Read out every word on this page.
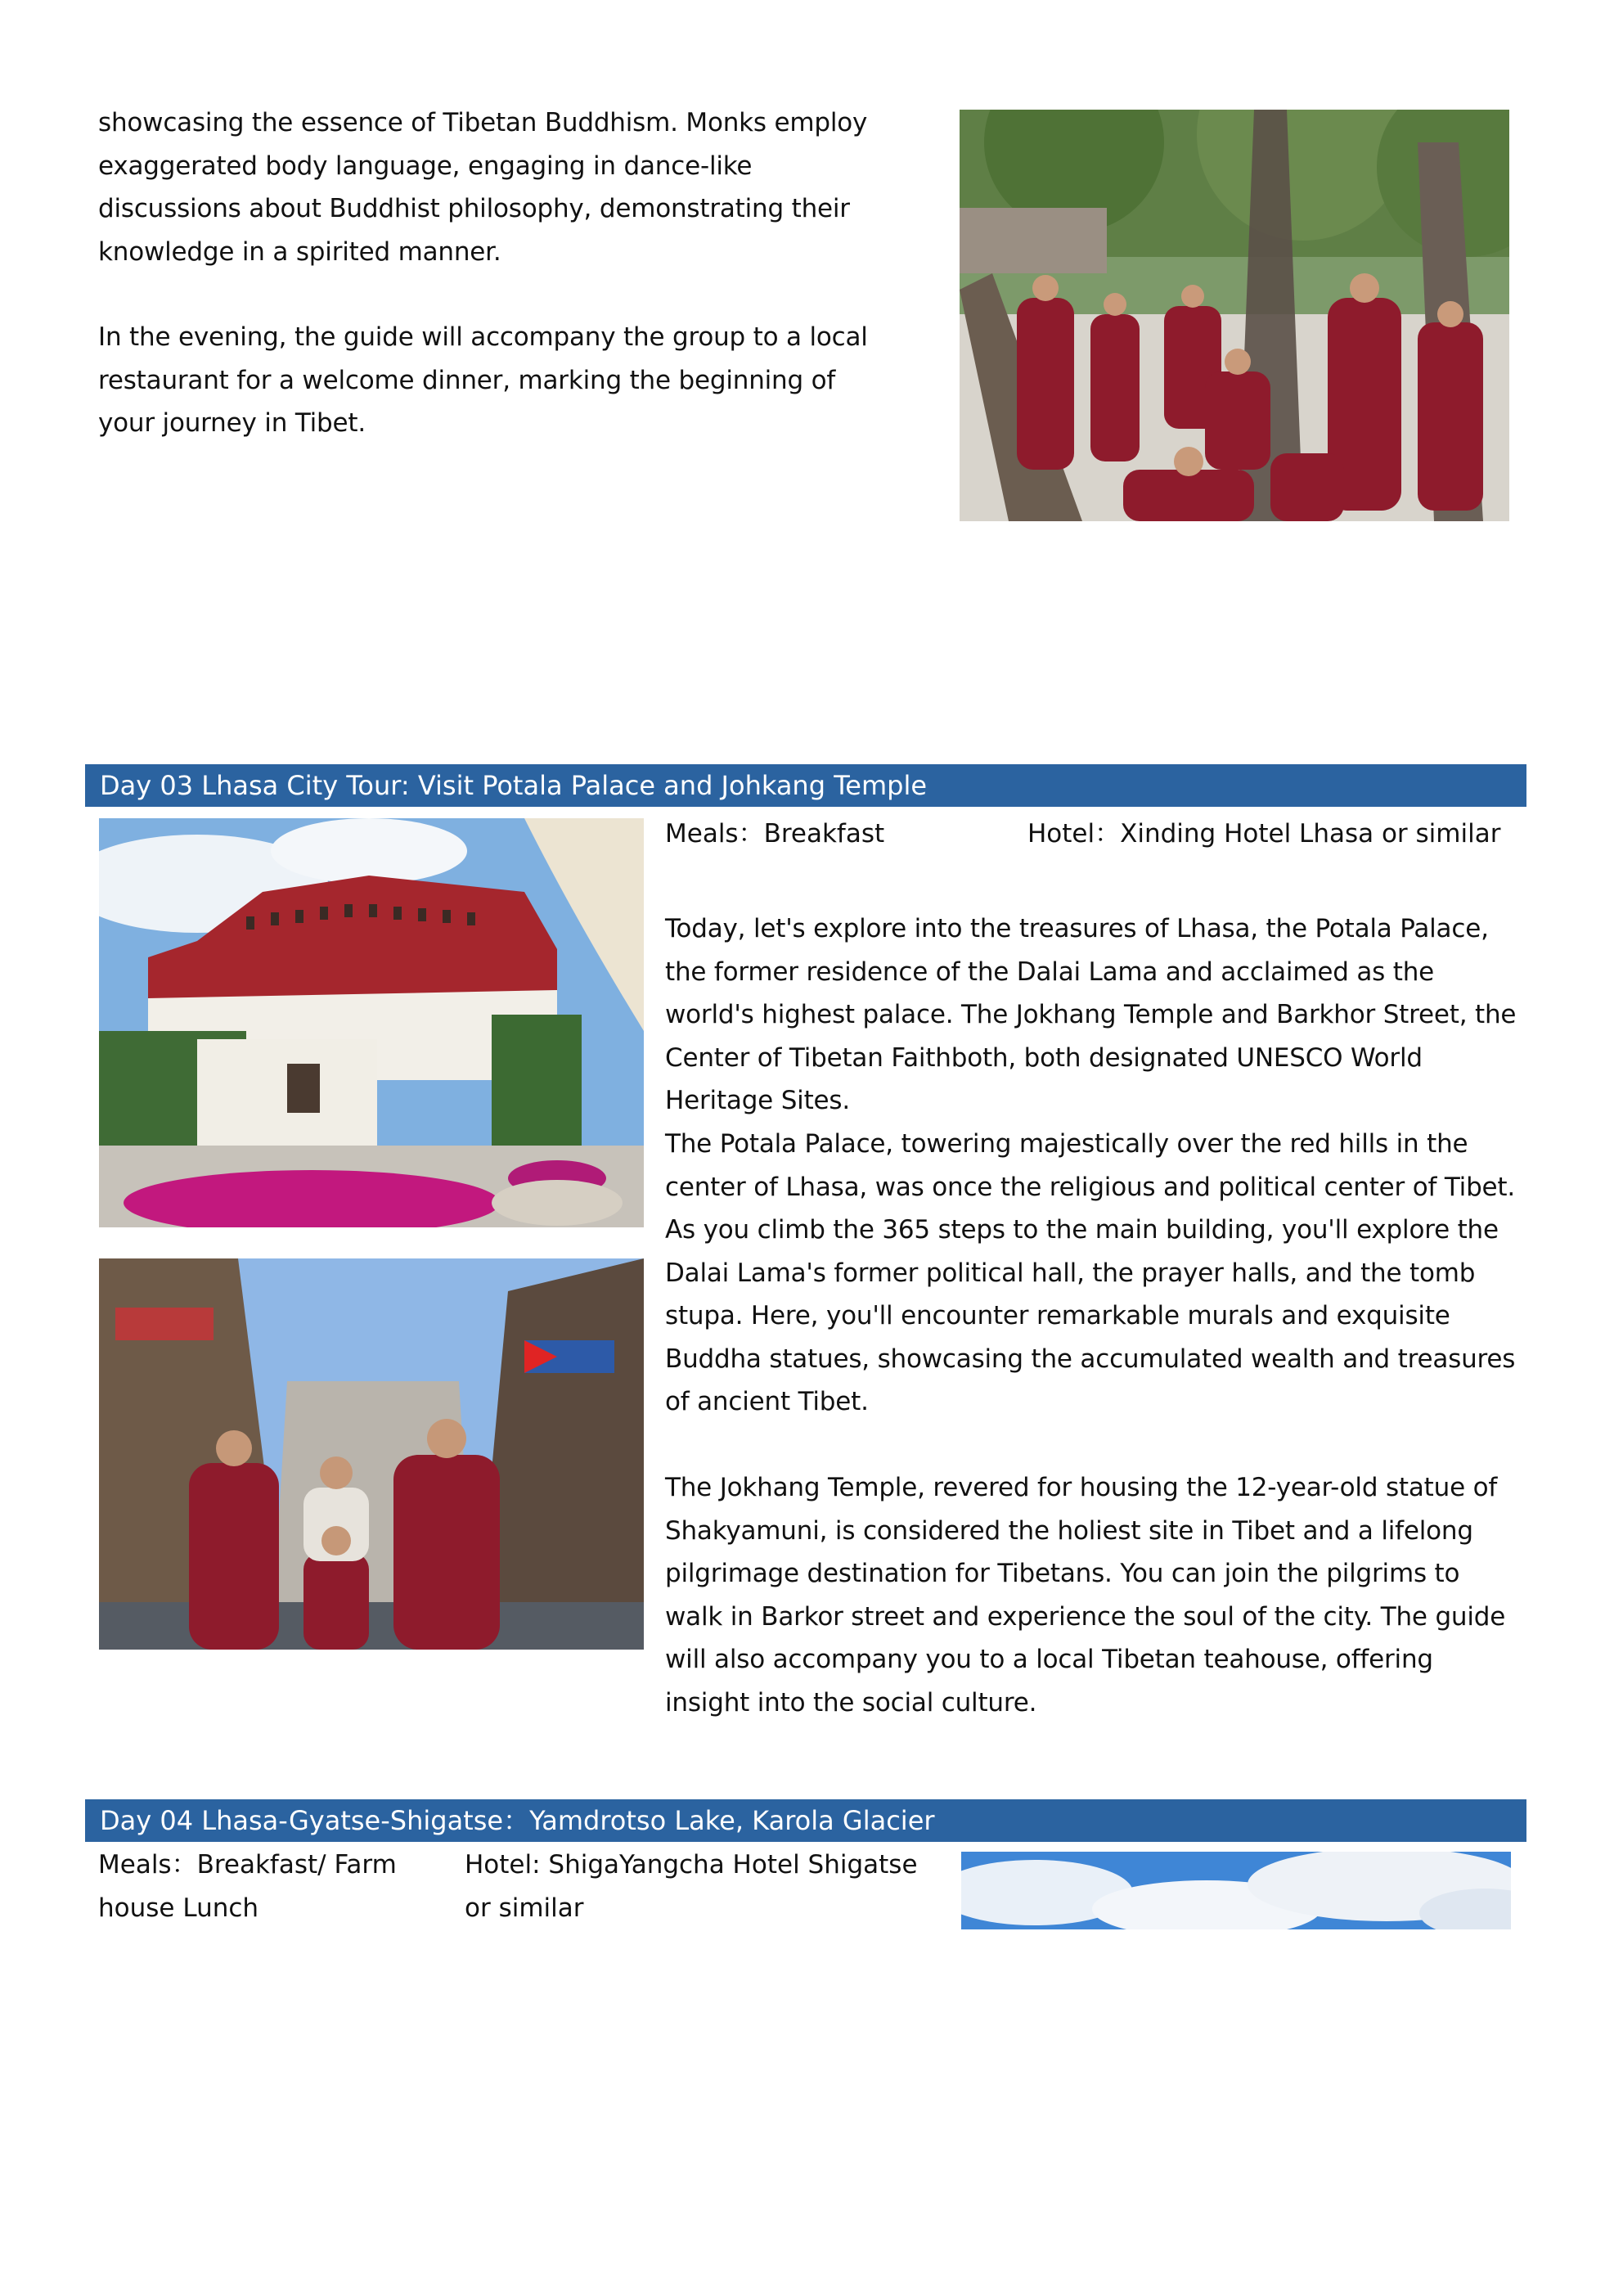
showcasing the essence of Tibetan Buddhism. Monks employ exaggerated body language, engaging in dance-like discussions about Buddhist philosophy, demonstrating their knowledge in a spirited manner.

In the evening, the guide will accompany the group to a local restaurant for a welcome dinner, marking the beginning of your journey in Tibet.

Day 03 Lhasa City Tour: Visit Potala Palace and Johkang Temple
Meals：Breakfast	Hotel：Xinding Hotel Lhasa or similar

Today, let's explore into the treasures of Lhasa, the Potala Palace, the former residence of the Dalai Lama and acclaimed as the world's highest palace. The Jokhang Temple and Barkhor Street, the Center of Tibetan Faithboth, both designated UNESCO World Heritage Sites.

The Potala Palace, towering majestically over the red hills in the center of Lhasa, was once the religious and political center of Tibet. As you climb the 365 steps to the main building, you'll explore the Dalai Lama's former political hall, the prayer halls, and the tomb stupa. Here, you'll encounter remarkable murals and exquisite Buddha statues, showcasing the accumulated wealth and treasures of ancient Tibet.

The Jokhang Temple, revered for housing the 12-year-old statue of Shakyamuni, is considered the holiest site in Tibet and a lifelong pilgrimage destination for Tibetans. You can join the pilgrims to walk in Barkor street and experience the soul of the city. The guide will also accompany you to a local Tibetan teahouse, offering insight into the social culture.

Day 04 Lhasa-Gyatse-Shigatse：Yamdrotso Lake, Karola Glacier
Meals：Breakfast/ Farm house Lunch
Hotel: ShigaYangcha Hotel Shigatse or similar
